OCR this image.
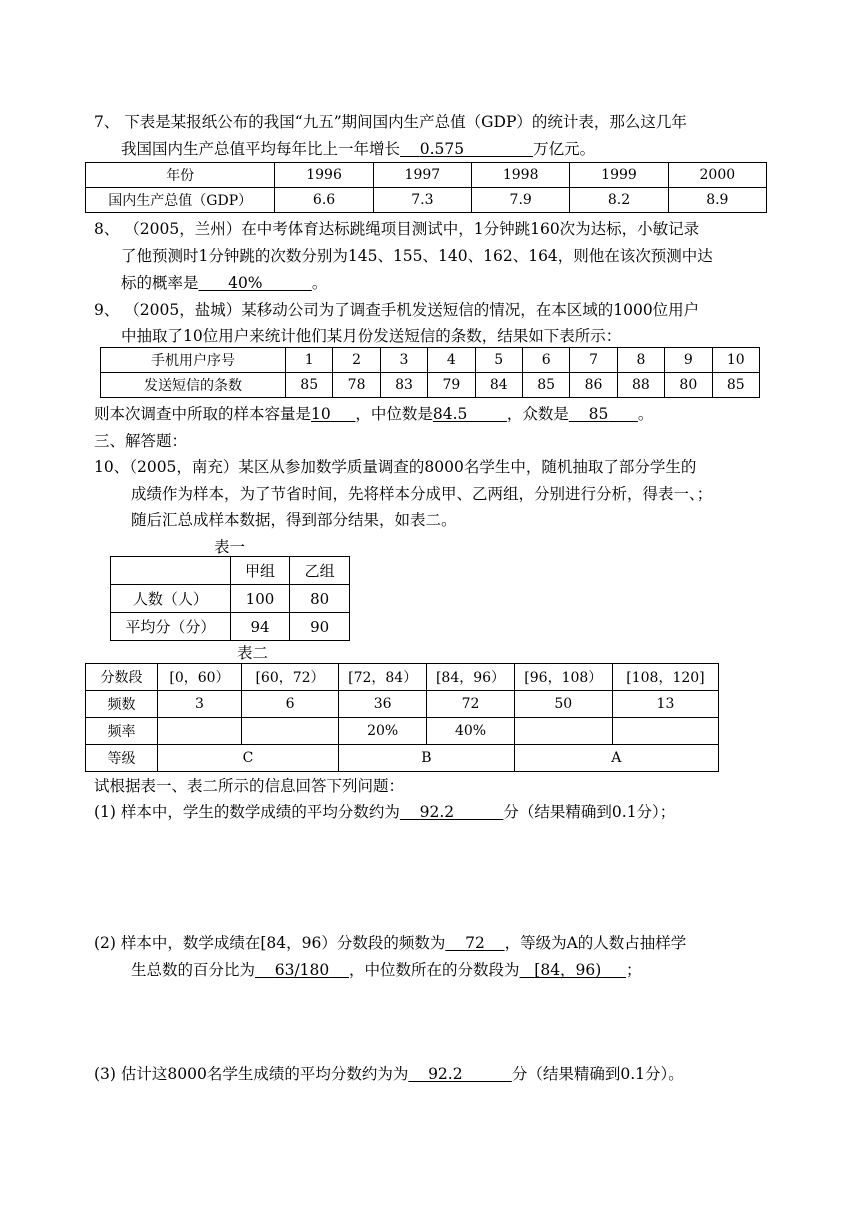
7、 下表是某报纸公布的我国“九五”期间国内生产总值（GDP）的统计表，那么这几年
我国国内生产总值平均每年比上一年增长 0.575	万亿元。
年份	1996	1997	1998	1999	2000
国内生产总值（GDP）	6.6	7.3	7.9	8.2	8.9
8、 （2005，兰州）在中考体育达标跳绳项目测试中，1分钟跳160次为达标，小敏记录
了他预测时1分钟跳的次数分别为145、155、140、162、164，则他在该次预测中达
标的概率是 40%	。
9、 （2005，盐城）某移动公司为了调查手机发送短信的情况，在本区域的1000位用户
中抽取了10位用户来统计他们某月份发送短信的条数，结果如下表所示：
手机用户序号	1	2	3	4	5	6	7	8	9	10
发送短信的条数	85	78	83	79	84	85	86	88	80	85
则本次调查中所取的样本容量是10 ，中位数是84.5	，众数是 85 。
三、解答题：
10、（2005，南充）某区从参加数学质量调查的8000名学生中，随机抽取了部分学生的
成绩作为样本，为了节省时间，先将样本分成甲、乙两组，分别进行分析，得表一、；
随后汇总成样本数据，得到部分结果，如表二。
表一
	甲组	乙组
人数（人）	100	80
平均分（分）	94	90
表二
分数段	[0，60）	[60，72）	[72，84）	[84，96）	[96，108）	[108，120]
频数	3	6	36	72	50	13
频率			20%	40%		
等级	C		B		A	
试根据表一、表二所示的信息回答下列问题：
(1) 样本中，学生的数学成绩的平均分数约为 92.2	分（结果精确到0.1分）；
(2) 样本中，数学成绩在[84，96）分数段的频数为 72 ，等级为A的人数占抽样学
生总数的百分比为 63/180 ，中位数所在的分数段为 [84，96) ；
(3) 估计这8000名学生成绩的平均分数约为为 92.2	分（结果精确到0.1分）。
